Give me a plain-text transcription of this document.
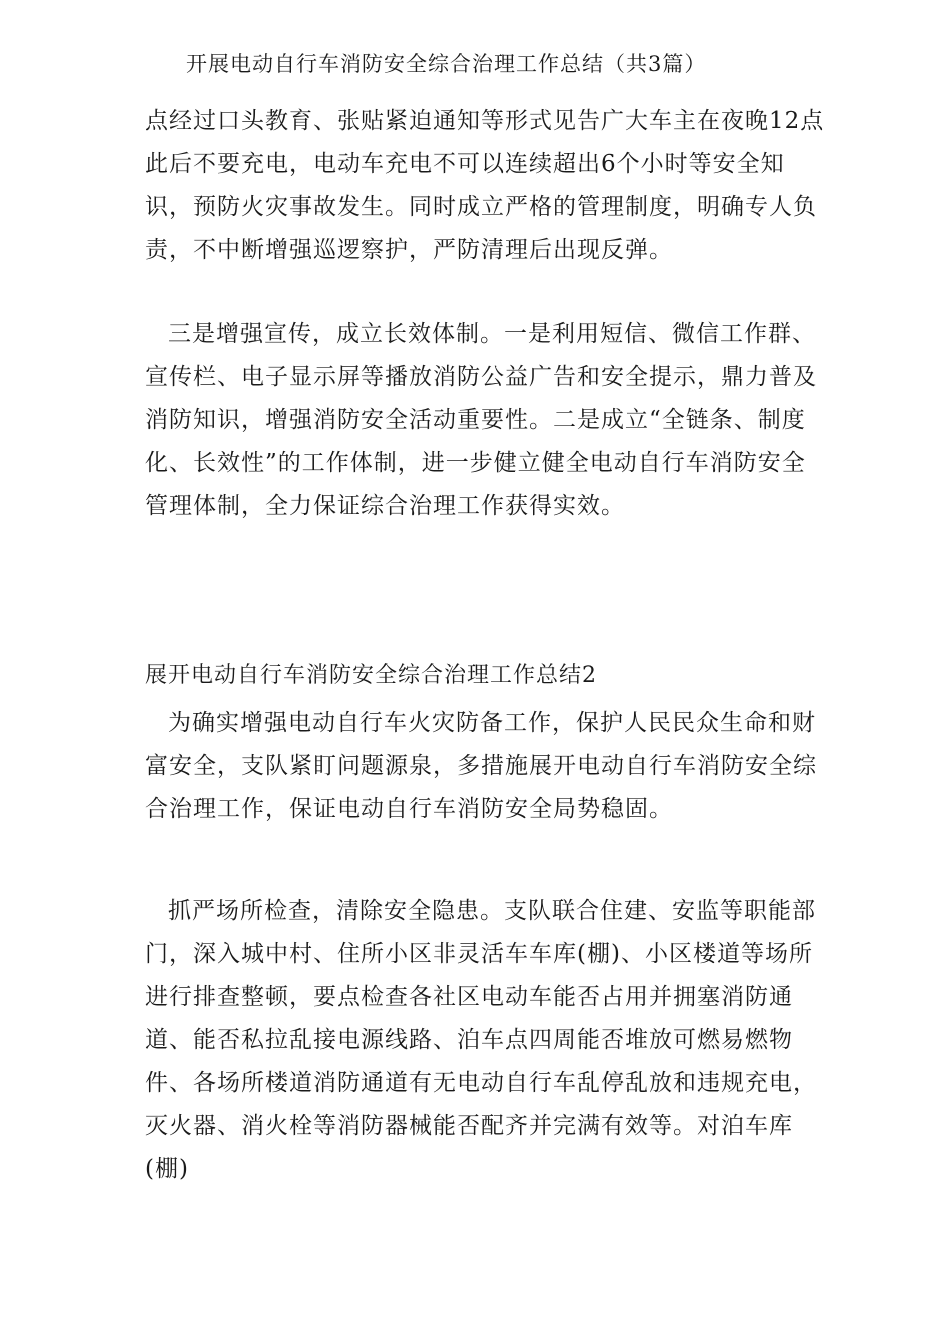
开展电动自行车消防安全综合治理工作总结（共3篇）

点经过口头教育、张贴紧迫通知等形式见告广大车主在夜晚12点此后不要充电，电动车充电不可以连续超出6个小时等安全知识，预防火灾事故发生。同时成立严格的管理制度，明确专人负责，不中断增强巡逻察护，严防清理后出现反弹。

三是增强宣传，成立长效体制。一是利用短信、微信工作群、宣传栏、电子显示屏等播放消防公益广告和安全提示，鼎力普及消防知识，增强消防安全活动重要性。二是成立“全链条、制度化、长效性”的工作体制，进一步健立健全电动自行车消防安全管理体制，全力保证综合治理工作获得实效。

展开电动自行车消防安全综合治理工作总结2

为确实增强电动自行车火灾防备工作，保护人民民众生命和财富安全，支队紧盯问题源泉，多措施展开电动自行车消防安全综合治理工作，保证电动自行车消防安全局势稳固。

抓严场所检查，清除安全隐患。支队联合住建、安监等职能部门，深入城中村、住所小区非灵活车车库(棚)、小区楼道等场所进行排查整顿，要点检查各社区电动车能否占用并拥塞消防通道、能否私拉乱接电源线路、泊车点四周能否堆放可燃易燃物件、各场所楼道消防通道有无电动自行车乱停乱放和违规充电，灭火器、消火栓等消防器械能否配齐并完满有效等。对泊车库(棚)
